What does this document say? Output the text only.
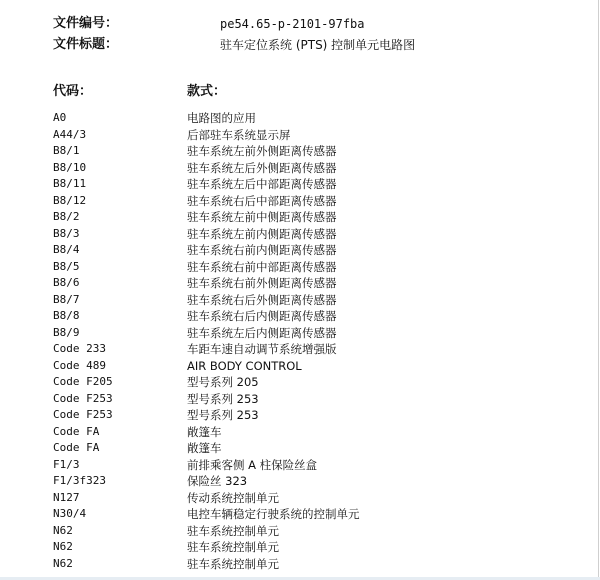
文件编号：	pe54.65-p-2101-97fba
文件标题：	驻车定位系统 (PTS) 控制单元电路图
代码：	款式：
A0	电路图的应用
A44/3	后部驻车系统显示屏
B8/1	驻车系统左前外侧距离传感器
B8/10	驻车系统左后外侧距离传感器
B8/11	驻车系统左后中部距离传感器
B8/12	驻车系统右后中部距离传感器
B8/2	驻车系统左前中侧距离传感器
B8/3	驻车系统左前内侧距离传感器
B8/4	驻车系统右前内侧距离传感器
B8/5	驻车系统右前中部距离传感器
B8/6	驻车系统右前外侧距离传感器
B8/7	驻车系统右后外侧距离传感器
B8/8	驻车系统右后内侧距离传感器
B8/9	驻车系统左后内侧距离传感器
Code 233	车距车速自动调节系统增强版
Code 489	AIR BODY CONTROL
Code F205	型号系列 205
Code F253	型号系列 253
Code F253	型号系列 253
Code FA	敞篷车
Code FA	敞篷车
F1/3	前排乘客侧 A 柱保险丝盒
F1/3f323	保险丝 323
N127	传动系统控制单元
N30/4	电控车辆稳定行驶系统的控制单元
N62	驻车系统控制单元
N62	驻车系统控制单元
N62	驻车系统控制单元
